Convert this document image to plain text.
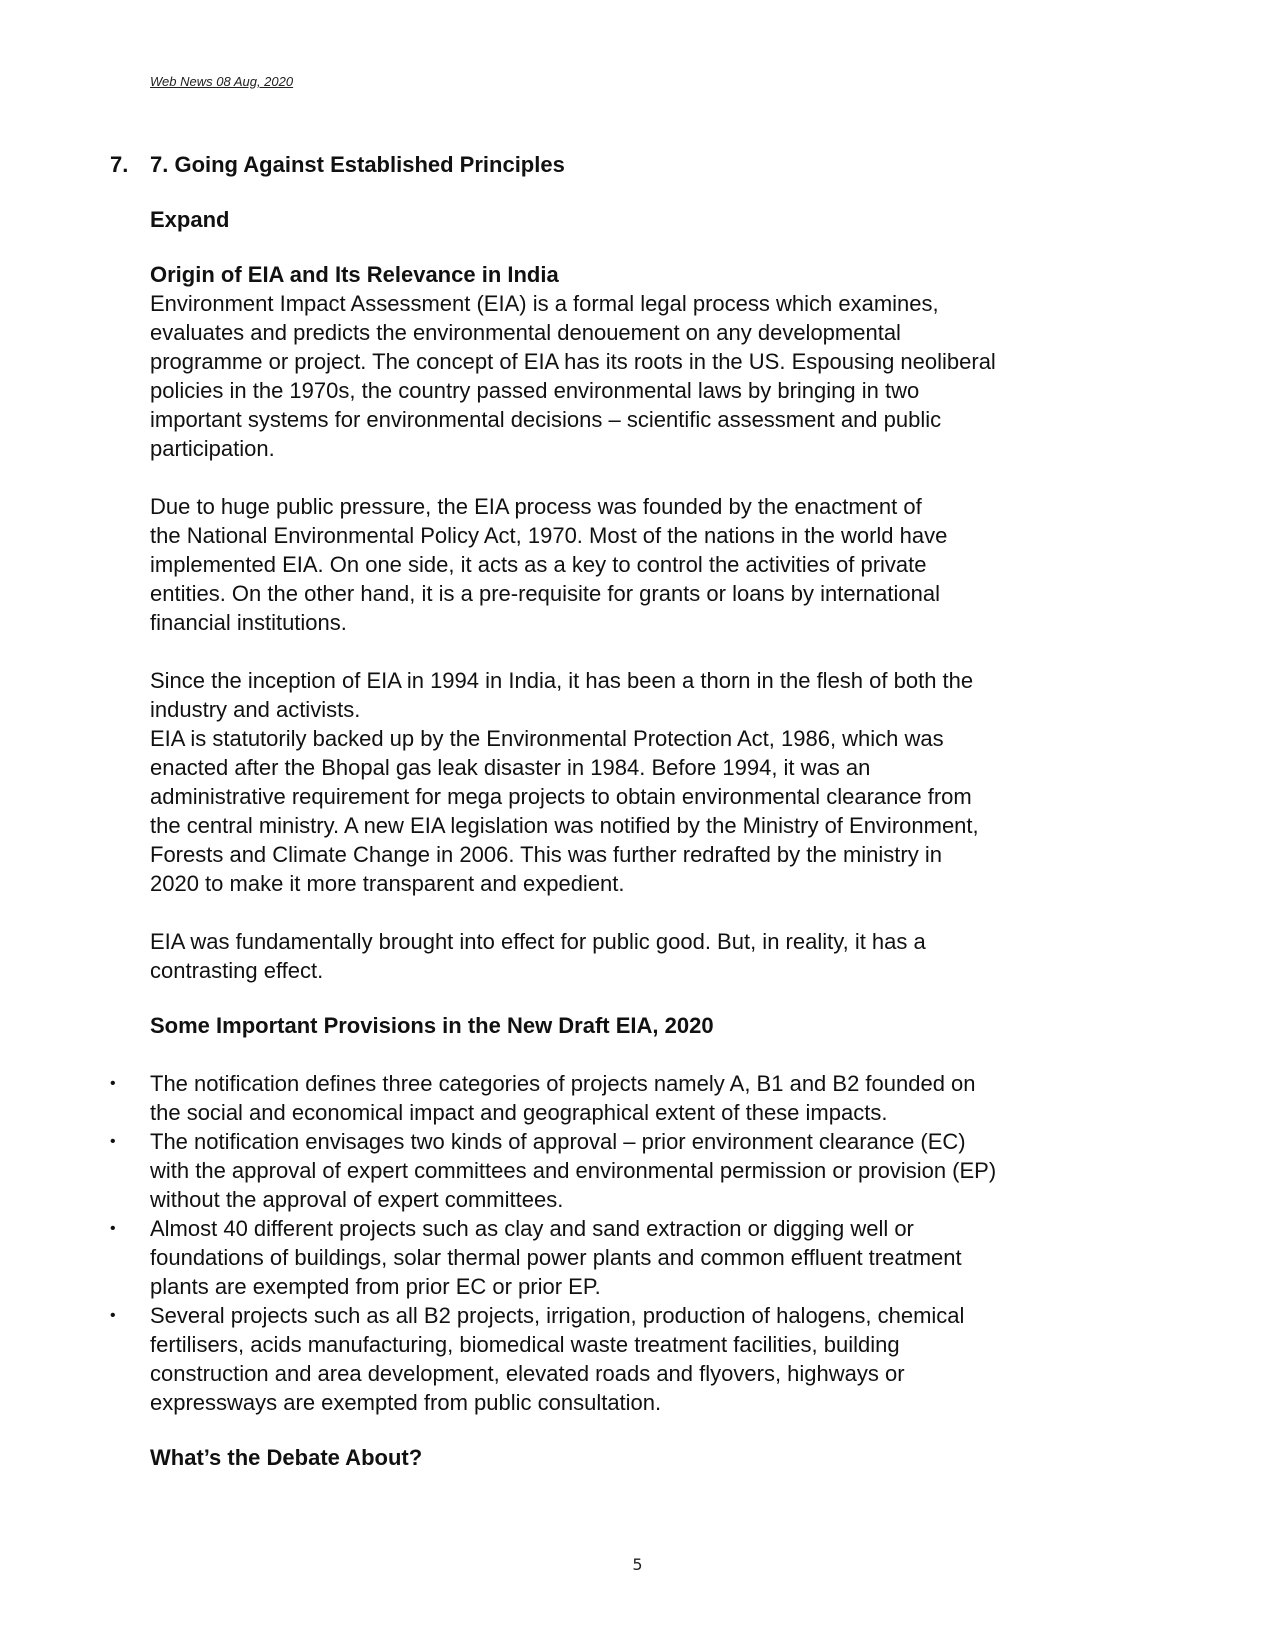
Web News 08 Aug, 2020
7. 7. Going Against Established Principles

Expand

Origin of EIA and Its Relevance in India

Environment Impact Assessment (EIA) is a formal legal process which examines,

evaluates and predicts the environmental denouement on any developmental

programme or project. The concept of EIA has its roots in the US. Espousing neoliberal

policies in the 1970s, the country passed environmental laws by bringing in two

important systems for environmental decisions – scientific assessment and public

participation.

Due to huge public pressure, the EIA process was founded by the enactment of

the National Environmental Policy Act, 1970. Most of the nations in the world have

implemented EIA. On one side, it acts as a key to control the activities of private

entities. On the other hand, it is a pre-requisite for grants or loans by international

financial institutions.

Since the inception of EIA in 1994 in India, it has been a thorn in the flesh of both the

industry and activists.

EIA is statutorily backed up by the Environmental Protection Act, 1986, which was

enacted after the Bhopal gas leak disaster in 1984. Before 1994, it was an

administrative requirement for mega projects to obtain environmental clearance from

the central ministry. A new EIA legislation was notified by the Ministry of Environment,

Forests and Climate Change in 2006. This was further redrafted by the ministry in

2020 to make it more transparent and expedient.

EIA was fundamentally brought into effect for public good. But, in reality, it has a

contrasting effect.

Some Important Provisions in the New Draft EIA, 2020

• The notification defines three categories of projects namely A, B1 and B2 founded on

the social and economical impact and geographical extent of these impacts.

• The notification envisages two kinds of approval – prior environment clearance (EC)

with the approval of expert committees and environmental permission or provision (EP)

without the approval of expert committees.

• Almost 40 different projects such as clay and sand extraction or digging well or

foundations of buildings, solar thermal power plants and common effluent treatment

plants are exempted from prior EC or prior EP.

• Several projects such as all B2 projects, irrigation, production of halogens, chemical

fertilisers, acids manufacturing, biomedical waste treatment facilities, building

construction and area development, elevated roads and flyovers, highways or

expressways are exempted from public consultation.

What’s the Debate About?

5
